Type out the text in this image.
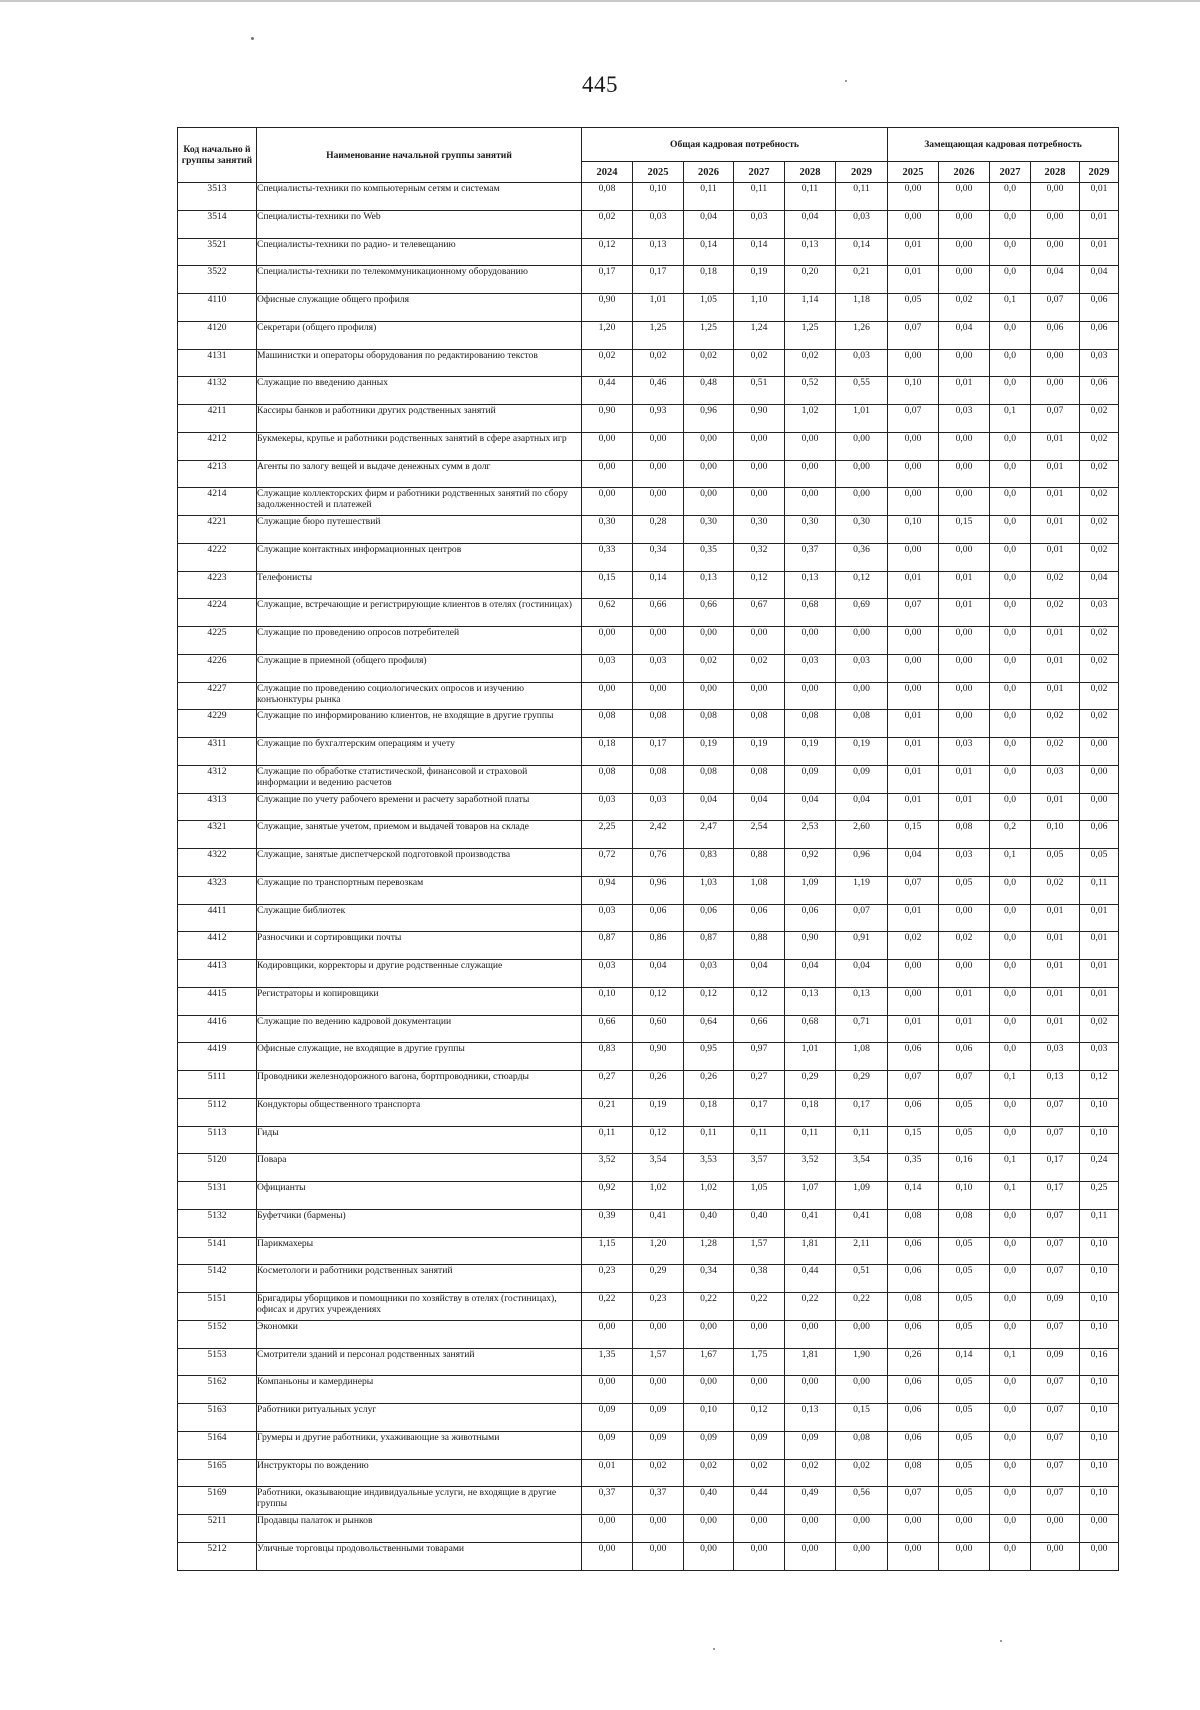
445
Код начально й группы занятий	Наименование начальной группы занятий	Общая кадровая потребность						Замещающая кадровая потребность				
		2024	2025	2026	2027	2028	2029	2025	2026	2027	2028	2029
3513	Специалисты-техники по компьютерным сетям и системам	0,08	0,10	0,11	0,11	0,11	0,11	0,00	0,00	0,0	0,00	0,01
3514	Специалисты-техники по Web	0,02	0,03	0,04	0,03	0,04	0,03	0,00	0,00	0,0	0,00	0,01
3521	Специалисты-техники по радио- и телевещанию	0,12	0,13	0,14	0,14	0,13	0,14	0,01	0,00	0,0	0,00	0,01
3522	Специалисты-техники по телекоммуникационному оборудованию	0,17	0,17	0,18	0,19	0,20	0,21	0,01	0,00	0,0	0,04	0,04
4110	Офисные служащие общего профиля	0,90	1,01	1,05	1,10	1,14	1,18	0,05	0,02	0,1	0,07	0,06
4120	Секретари (общего профиля)	1,20	1,25	1,25	1,24	1,25	1,26	0,07	0,04	0,0	0,06	0,06
4131	Машинистки и операторы оборудования по редактированию текстов	0,02	0,02	0,02	0,02	0,02	0,03	0,00	0,00	0,0	0,00	0,03
4132	Служащие по введению данных	0,44	0,46	0,48	0,51	0,52	0,55	0,10	0,01	0,0	0,00	0,06
4211	Кассиры банков и работники других родственных занятий	0,90	0,93	0,96	0,90	1,02	1,01	0,07	0,03	0,1	0,07	0,02
4212	Букмекеры, крупье и работники родственных занятий в сфере азартных игр	0,00	0,00	0,00	0,00	0,00	0,00	0,00	0,00	0,0	0,01	0,02
4213	Агенты по залогу вещей и выдаче денежных сумм в долг	0,00	0,00	0,00	0,00	0,00	0,00	0,00	0,00	0,0	0,01	0,02
4214	Служащие коллекторских фирм и работники родственных занятий по сбору задолженностей и платежей	0,00	0,00	0,00	0,00	0,00	0,00	0,00	0,00	0,0	0,01	0,02
4221	Служащие бюро путешествий	0,30	0,28	0,30	0,30	0,30	0,30	0,10	0,15	0,0	0,01	0,02
4222	Служащие контактных информационных центров	0,33	0,34	0,35	0,32	0,37	0,36	0,00	0,00	0,0	0,01	0,02
4223	Телефонисты	0,15	0,14	0,13	0,12	0,13	0,12	0,01	0,01	0,0	0,02	0,04
4224	Служащие, встречающие и регистрирующие клиентов в отелях (гостиницах)	0,62	0,66	0,66	0,67	0,68	0,69	0,07	0,01	0,0	0,02	0,03
4225	Служащие по проведению опросов потребителей	0,00	0,00	0,00	0,00	0,00	0,00	0,00	0,00	0,0	0,01	0,02
4226	Служащие в приемной (общего профиля)	0,03	0,03	0,02	0,02	0,03	0,03	0,00	0,00	0,0	0,01	0,02
4227	Служащие по проведению социологических опросов и изучению конъюнктуры рынка	0,00	0,00	0,00	0,00	0,00	0,00	0,00	0,00	0,0	0,01	0,02
4229	Служащие по информированию клиентов, не входящие в другие группы	0,08	0,08	0,08	0,08	0,08	0,08	0,01	0,00	0,0	0,02	0,02
4311	Служащие по бухгалтерским операциям и учету	0,18	0,17	0,19	0,19	0,19	0,19	0,01	0,03	0,0	0,02	0,00
4312	Служащие по обработке статистической, финансовой и страховой информации и ведению расчетов	0,08	0,08	0,08	0,08	0,09	0,09	0,01	0,01	0,0	0,03	0,00
4313	Служащие по учету рабочего времени и расчету заработной платы	0,03	0,03	0,04	0,04	0,04	0,04	0,01	0,01	0,0	0,01	0,00
4321	Служащие, занятые учетом, приемом и выдачей товаров на складе	2,25	2,42	2,47	2,54	2,53	2,60	0,15	0,08	0,2	0,10	0,06
4322	Служащие, занятые диспетчерской подготовкой производства	0,72	0,76	0,83	0,88	0,92	0,96	0,04	0,03	0,1	0,05	0,05
4323	Служащие по транспортным перевозкам	0,94	0,96	1,03	1,08	1,09	1,19	0,07	0,05	0,0	0,02	0,11
4411	Служащие библиотек	0,03	0,06	0,06	0,06	0,06	0,07	0,01	0,00	0,0	0,01	0,01
4412	Разносчики и сортировщики почты	0,87	0,86	0,87	0,88	0,90	0,91	0,02	0,02	0,0	0,01	0,01
4413	Кодировщики, корректоры и другие родственные служащие	0,03	0,04	0,03	0,04	0,04	0,04	0,00	0,00	0,0	0,01	0,01
4415	Регистраторы и копировщики	0,10	0,12	0,12	0,12	0,13	0,13	0,00	0,01	0,0	0,01	0,01
4416	Служащие по ведению кадровой документации	0,66	0,60	0,64	0,66	0,68	0,71	0,01	0,01	0,0	0,01	0,02
4419	Офисные служащие, не входящие в другие группы	0,83	0,90	0,95	0,97	1,01	1,08	0,06	0,06	0,0	0,03	0,03
5111	Проводники железнодорожного вагона, бортпроводники, стюарды	0,27	0,26	0,26	0,27	0,29	0,29	0,07	0,07	0,1	0,13	0,12
5112	Кондукторы общественного транспорта	0,21	0,19	0,18	0,17	0,18	0,17	0,06	0,05	0,0	0,07	0,10
5113	Гиды	0,11	0,12	0,11	0,11	0,11	0,11	0,15	0,05	0,0	0,07	0,10
5120	Повара	3,52	3,54	3,53	3,57	3,52	3,54	0,35	0,16	0,1	0,17	0,24
5131	Официанты	0,92	1,02	1,02	1,05	1,07	1,09	0,14	0,10	0,1	0,17	0,25
5132	Буфетчики (бармены)	0,39	0,41	0,40	0,40	0,41	0,41	0,08	0,08	0,0	0,07	0,11
5141	Парикмахеры	1,15	1,20	1,28	1,57	1,81	2,11	0,06	0,05	0,0	0,07	0,10
5142	Косметологи и работники родственных занятий	0,23	0,29	0,34	0,38	0,44	0,51	0,06	0,05	0,0	0,07	0,10
5151	Бригадиры уборщиков и помощники по хозяйству в отелях (гостиницах), офисах и других учреждениях	0,22	0,23	0,22	0,22	0,22	0,22	0,08	0,05	0,0	0,09	0,10
5152	Экономки	0,00	0,00	0,00	0,00	0,00	0,00	0,06	0,05	0,0	0,07	0,10
5153	Смотрители зданий и персонал родственных занятий	1,35	1,57	1,67	1,75	1,81	1,90	0,26	0,14	0,1	0,09	0,16
5162	Компаньоны и камердинеры	0,00	0,00	0,00	0,00	0,00	0,00	0,06	0,05	0,0	0,07	0,10
5163	Работники ритуальных услуг	0,09	0,09	0,10	0,12	0,13	0,15	0,06	0,05	0,0	0,07	0,10
5164	Грумеры и другие работники, ухаживающие за животными	0,09	0,09	0,09	0,09	0,09	0,08	0,06	0,05	0,0	0,07	0,10
5165	Инструкторы по вождению	0,01	0,02	0,02	0,02	0,02	0,02	0,08	0,05	0,0	0,07	0,10
5169	Работники, оказывающие индивидуальные услуги, не входящие в другие группы	0,37	0,37	0,40	0,44	0,49	0,56	0,07	0,05	0,0	0,07	0,10
5211	Продавцы палаток и рынков	0,00	0,00	0,00	0,00	0,00	0,00	0,00	0,00	0,0	0,00	0,00
5212	Уличные торговцы продовольственными товарами	0,00	0,00	0,00	0,00	0,00	0,00	0,00	0,00	0,0	0,00	0,00
